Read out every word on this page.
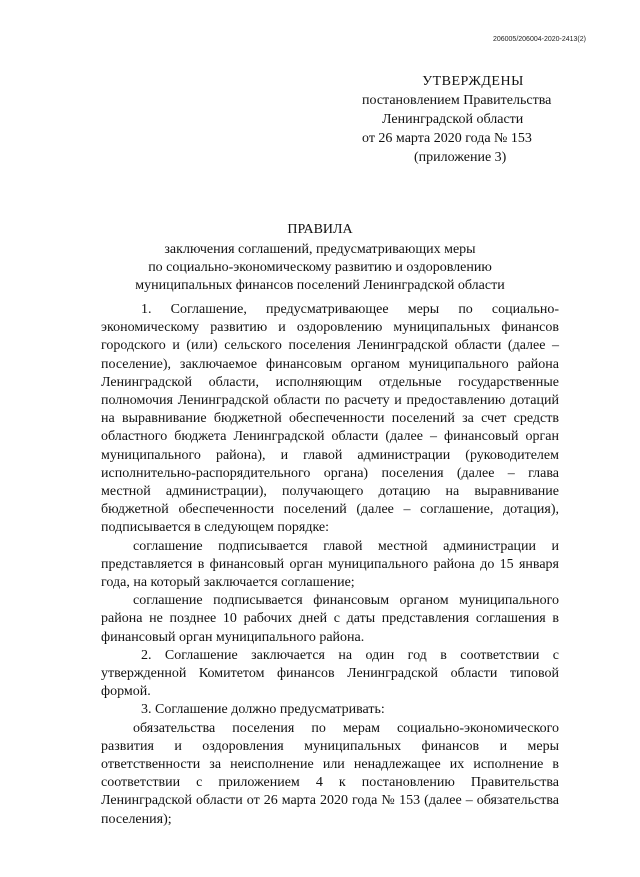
206005/206004-2020-2413(2)
УТВЕРЖДЕНЫ
постановлением Правительства
Ленинградской области
от 26 марта 2020 года № 153
(приложение 3)
ПРАВИЛА
заключения соглашений, предусматривающих меры
по социально-экономическому развитию и оздоровлению
муниципальных финансов поселений Ленинградской области

1. Соглашение, предусматривающее меры по социально-экономическому развитию и оздоровлению муниципальных финансов городского и (или) сельского поселения Ленинградской области (далее – поселение), заключаемое финансовым органом муниципального района Ленинградской области, исполняющим отдельные государственные полномочия Ленинградской области по расчету и предоставлению дотаций на выравнивание бюджетной обеспеченности поселений за счет средств областного бюджета Ленинградской области (далее – финансовый орган муниципального района), и главой администрации (руководителем исполнительно-распорядительного органа) поселения (далее – глава местной администрации), получающего дотацию на выравнивание бюджетной обеспеченности поселений (далее – соглашение, дотация), подписывается в следующем порядке:

соглашение подписывается главой местной администрации и представляется в финансовый орган муниципального района до 15 января года, на который заключается соглашение;

соглашение подписывается финансовым органом муниципального района не позднее 10 рабочих дней с даты представления соглашения в финансовый орган муниципального района.

2. Соглашение заключается на один год в соответствии с утвержденной Комитетом финансов Ленинградской области типовой формой.

3. Соглашение должно предусматривать:

обязательства поселения по мерам социально-экономического развития и оздоровления муниципальных финансов и меры ответственности за неисполнение или ненадлежащее их исполнение в соответствии с приложением 4 к постановлению Правительства Ленинградской области от 26 марта 2020 года № 153 (далее – обязательства поселения);
